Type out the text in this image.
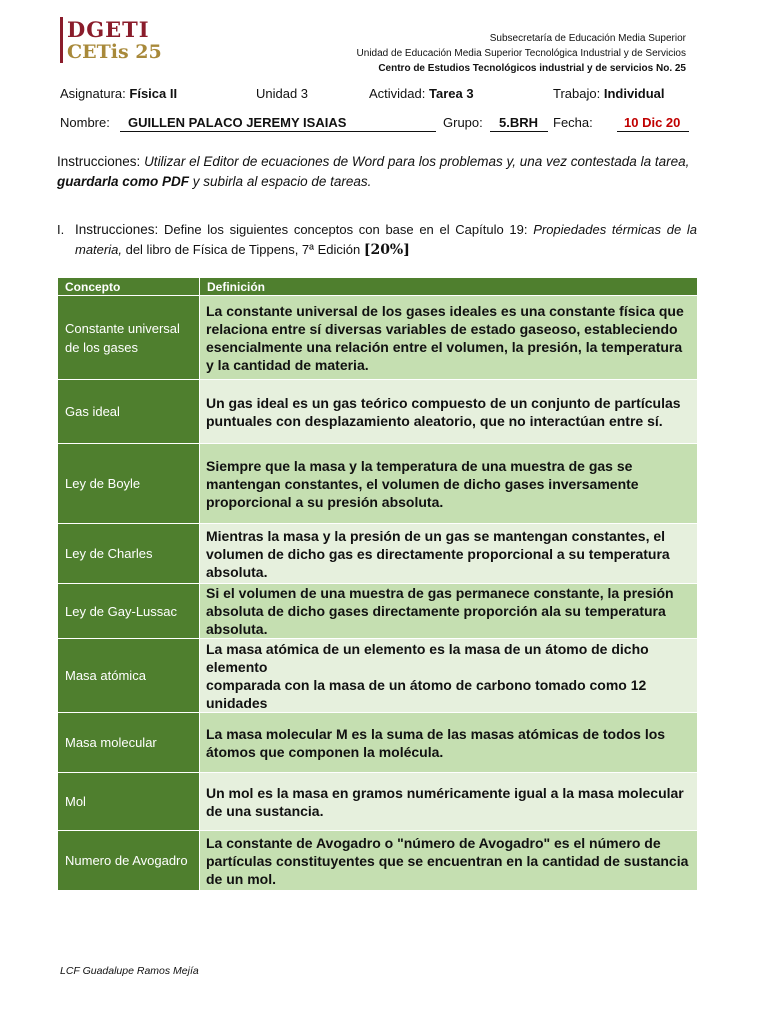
DGETI
CETis 25
Subsecretaría de Educación Media Superior
Unidad de Educación Media Superior Tecnológica Industrial y de Servicios
Centro de Estudios Tecnológicos industrial y de servicios No. 25
Asignatura: Física II	Unidad 3	Actividad: Tarea 3	Trabajo: Individual
Nombre: GUILLEN PALACO JEREMY ISAIAS	Grupo: 5.BRH Fecha: 10 Dic 20
Instrucciones: Utilizar el Editor de ecuaciones de Word para los problemas y, una vez contestada la tarea, guardarla como PDF y subirla al espacio de tareas.
I. Instrucciones: Define los siguientes conceptos con base en el Capítulo 19: Propiedades térmicas de la materia, del libro de Física de Tippens, 7ª Edición [20%]
Concepto	Definición
Constante universal de los gases	La constante universal de los gases ideales es una constante física que relaciona entre sí diversas variables de estado gaseoso, estableciendo esencialmente una relación entre el volumen, la presión, la temperatura y la cantidad de materia.
Gas ideal	Un gas ideal es un gas teórico compuesto de un conjunto de partículas puntuales con desplazamiento aleatorio, que no interactúan entre sí.
Ley de Boyle	Siempre que la masa y la temperatura de una muestra de gas se mantengan constantes, el volumen de dicho gases inversamente proporcional a su presión absoluta.
Ley de Charles	Mientras la masa y la presión de un gas se mantengan constantes, el volumen de dicho gas es directamente proporcional a su temperatura absoluta.
Ley de Gay-Lussac	Si el volumen de una muestra de gas permanece constante, la presión absoluta de dicho gases directamente proporción ala su temperatura absoluta.
Masa atómica	La masa atómica de un elemento es la masa de un átomo de dicho elemento
comparada con la masa de un átomo de carbono tomado como 12 unidades
Masa molecular	La masa molecular M es la suma de las masas atómicas de todos los átomos que componen la molécula.
Mol	Un mol es la masa en gramos numéricamente igual a la masa molecular de una sustancia.
Numero de Avogadro	La constante de Avogadro o "número de Avogadro" es el número de partículas constituyentes que se encuentran en la cantidad de sustancia de un mol.
LCF Guadalupe Ramos Mejía
